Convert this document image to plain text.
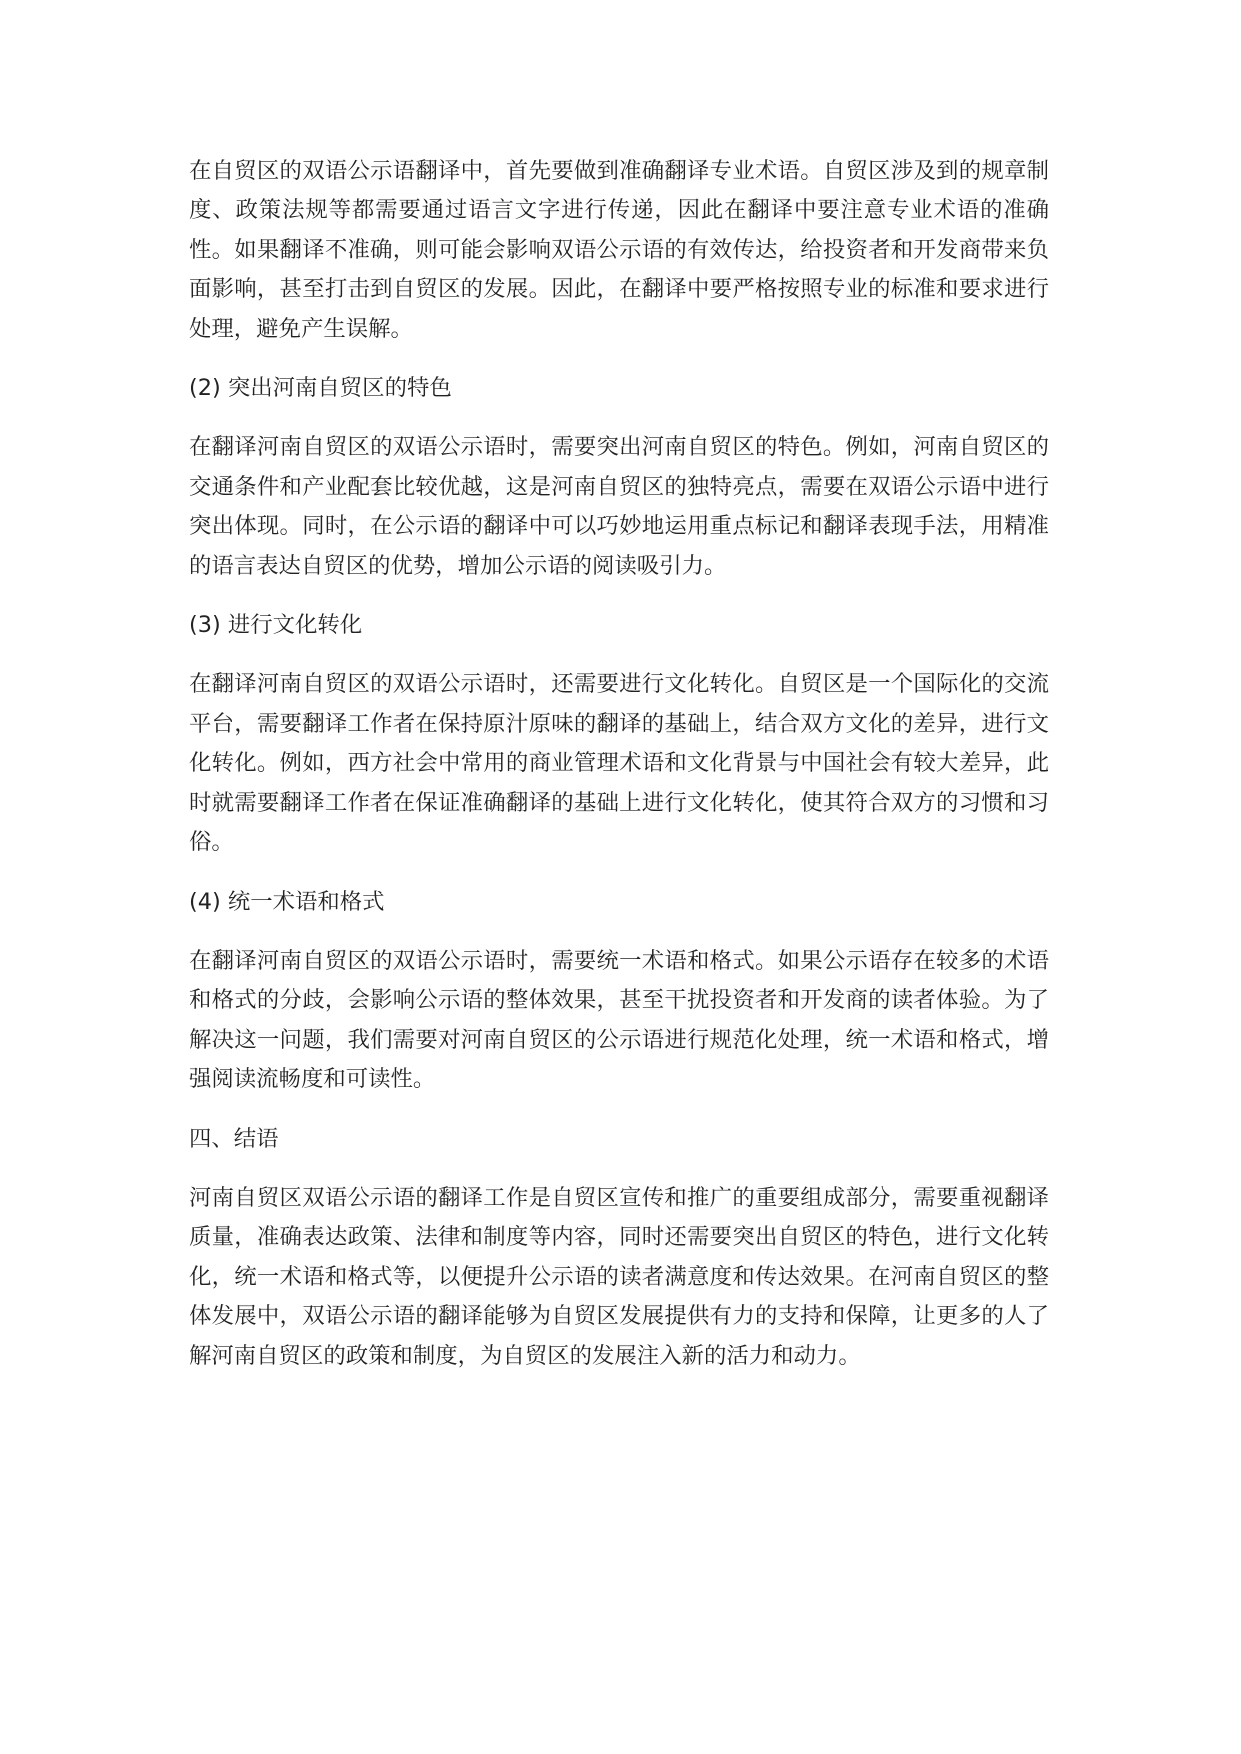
在自贸区的双语公示语翻译中，首先要做到准确翻译专业术语。自贸区涉及到的规章制度、政策法规等都需要通过语言文字进行传递，因此在翻译中要注意专业术语的准确性。如果翻译不准确，则可能会影响双语公示语的有效传达，给投资者和开发商带来负面影响，甚至打击到自贸区的发展。因此，在翻译中要严格按照专业的标准和要求进行处理，避免产生误解。

(2) 突出河南自贸区的特色

在翻译河南自贸区的双语公示语时，需要突出河南自贸区的特色。例如，河南自贸区的交通条件和产业配套比较优越，这是河南自贸区的独特亮点，需要在双语公示语中进行突出体现。同时，在公示语的翻译中可以巧妙地运用重点标记和翻译表现手法，用精准的语言表达自贸区的优势，增加公示语的阅读吸引力。

(3) 进行文化转化

在翻译河南自贸区的双语公示语时，还需要进行文化转化。自贸区是一个国际化的交流平台，需要翻译工作者在保持原汁原味的翻译的基础上，结合双方文化的差异，进行文化转化。例如，西方社会中常用的商业管理术语和文化背景与中国社会有较大差异，此时就需要翻译工作者在保证准确翻译的基础上进行文化转化，使其符合双方的习惯和习俗。

(4) 统一术语和格式

在翻译河南自贸区的双语公示语时，需要统一术语和格式。如果公示语存在较多的术语和格式的分歧，会影响公示语的整体效果，甚至干扰投资者和开发商的读者体验。为了解决这一问题，我们需要对河南自贸区的公示语进行规范化处理，统一术语和格式，增强阅读流畅度和可读性。

四、结语

河南自贸区双语公示语的翻译工作是自贸区宣传和推广的重要组成部分，需要重视翻译质量，准确表达政策、法律和制度等内容，同时还需要突出自贸区的特色，进行文化转化，统一术语和格式等，以便提升公示语的读者满意度和传达效果。在河南自贸区的整体发展中，双语公示语的翻译能够为自贸区发展提供有力的支持和保障，让更多的人了解河南自贸区的政策和制度，为自贸区的发展注入新的活力和动力。
